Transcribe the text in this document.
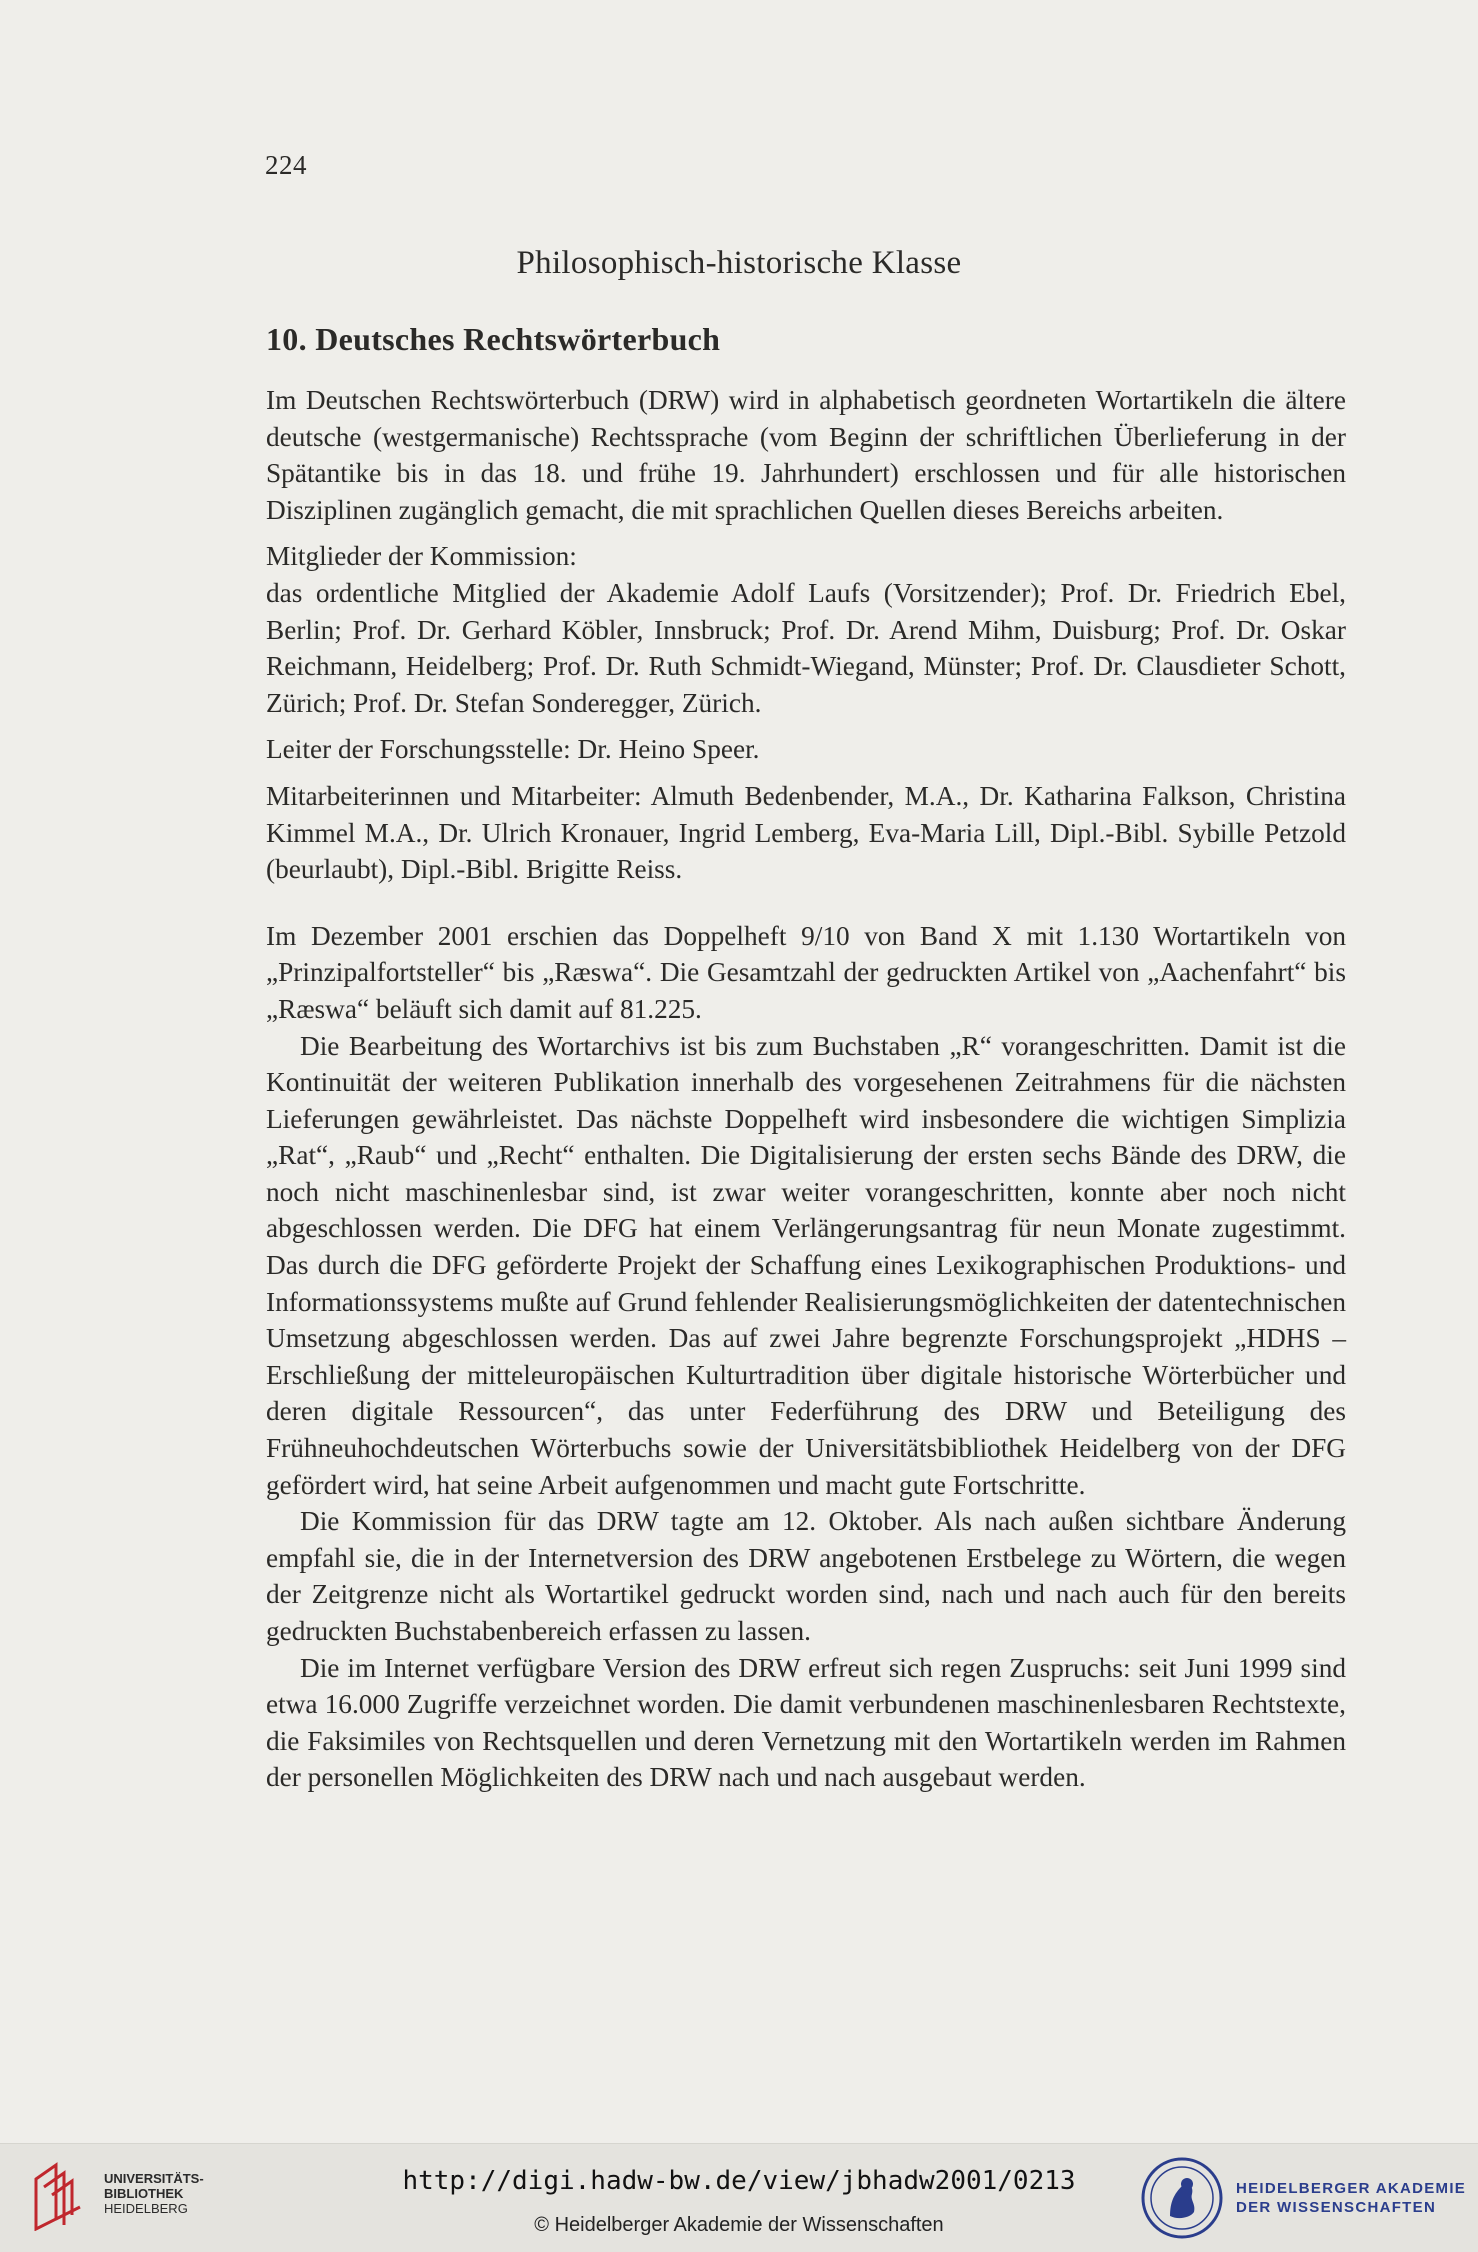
224
Philosophisch-historische Klasse
10. Deutsches Rechtswörterbuch

Im Deutschen Rechtswörterbuch (DRW) wird in alphabetisch geordneten Wortartikeln die ältere deutsche (westgermanische) Rechtssprache (vom Beginn der schriftlichen Überlieferung in der Spätantike bis in das 18. und frühe 19. Jahrhundert) erschlossen und für alle historischen Disziplinen zugänglich gemacht, die mit sprachlichen Quellen dieses Bereichs arbeiten.

Mitglieder der Kommission:

das ordentliche Mitglied der Akademie Adolf Laufs (Vorsitzender); Prof. Dr. Friedrich Ebel, Berlin; Prof. Dr. Gerhard Köbler, Innsbruck; Prof. Dr. Arend Mihm, Duisburg; Prof. Dr. Oskar Reichmann, Heidelberg; Prof. Dr. Ruth Schmidt-Wiegand, Münster; Prof. Dr. Clausdieter Schott, Zürich; Prof. Dr. Stefan Sonderegger, Zürich.

Leiter der Forschungsstelle: Dr. Heino Speer.

Mitarbeiterinnen und Mitarbeiter: Almuth Bedenbender, M.A., Dr. Katharina Falkson, Christina Kimmel M.A., Dr. Ulrich Kronauer, Ingrid Lemberg, Eva-Maria Lill, Dipl.-Bibl. Sybille Petzold (beurlaubt), Dipl.-Bibl. Brigitte Reiss.

Im Dezember 2001 erschien das Doppelheft 9/10 von Band X mit 1.130 Wortartikeln von „Prinzipalfortsteller“ bis „Ræswa“. Die Gesamtzahl der gedruckten Artikel von „Aachenfahrt“ bis „Ræswa“ beläuft sich damit auf 81.225.

Die Bearbeitung des Wortarchivs ist bis zum Buchstaben „R“ vorangeschritten. Damit ist die Kontinuität der weiteren Publikation innerhalb des vorgesehenen Zeitrahmens für die nächsten Lieferungen gewährleistet. Das nächste Doppelheft wird insbesondere die wichtigen Simplizia „Rat“, „Raub“ und „Recht“ enthalten. Die Digitalisierung der ersten sechs Bände des DRW, die noch nicht maschinenlesbar sind, ist zwar weiter vorangeschritten, konnte aber noch nicht abgeschlossen werden. Die DFG hat einem Verlängerungsantrag für neun Monate zugestimmt. Das durch die DFG geförderte Projekt der Schaffung eines Lexikographischen Produktions- und Informationssystems mußte auf Grund fehlender Realisierungsmöglichkeiten der datentechnischen Umsetzung abgeschlossen werden. Das auf zwei Jahre begrenzte Forschungsprojekt „HDHS – Erschließung der mitteleuropäischen Kulturtradition über digitale historische Wörterbücher und deren digitale Ressourcen“, das unter Federführung des DRW und Beteiligung des Frühneuhochdeutschen Wörterbuchs sowie der Universitätsbibliothek Heidelberg von der DFG gefördert wird, hat seine Arbeit aufgenommen und macht gute Fortschritte.

Die Kommission für das DRW tagte am 12. Oktober. Als nach außen sichtbare Änderung empfahl sie, die in der Internetversion des DRW angebotenen Erstbelege zu Wörtern, die wegen der Zeitgrenze nicht als Wortartikel gedruckt worden sind, nach und nach auch für den bereits gedruckten Buchstabenbereich erfassen zu lassen.

Die im Internet verfügbare Version des DRW erfreut sich regen Zuspruchs: seit Juni 1999 sind etwa 16.000 Zugriffe verzeichnet worden. Die damit verbundenen maschinenlesbaren Rechtstexte, die Faksimiles von Rechtsquellen und deren Vernetzung mit den Wortartikeln werden im Rahmen der personellen Möglichkeiten des DRW nach und nach ausgebaut werden.

UNIVERSITÄTS-
BIBLIOTHEK
HEIDELBERG
http://digi.hadw-bw.de/view/jbhadw2001/0213
© Heidelberger Akademie der Wissenschaften
HEIDELBERGER AKADEMIE
DER WISSENSCHAFTEN
